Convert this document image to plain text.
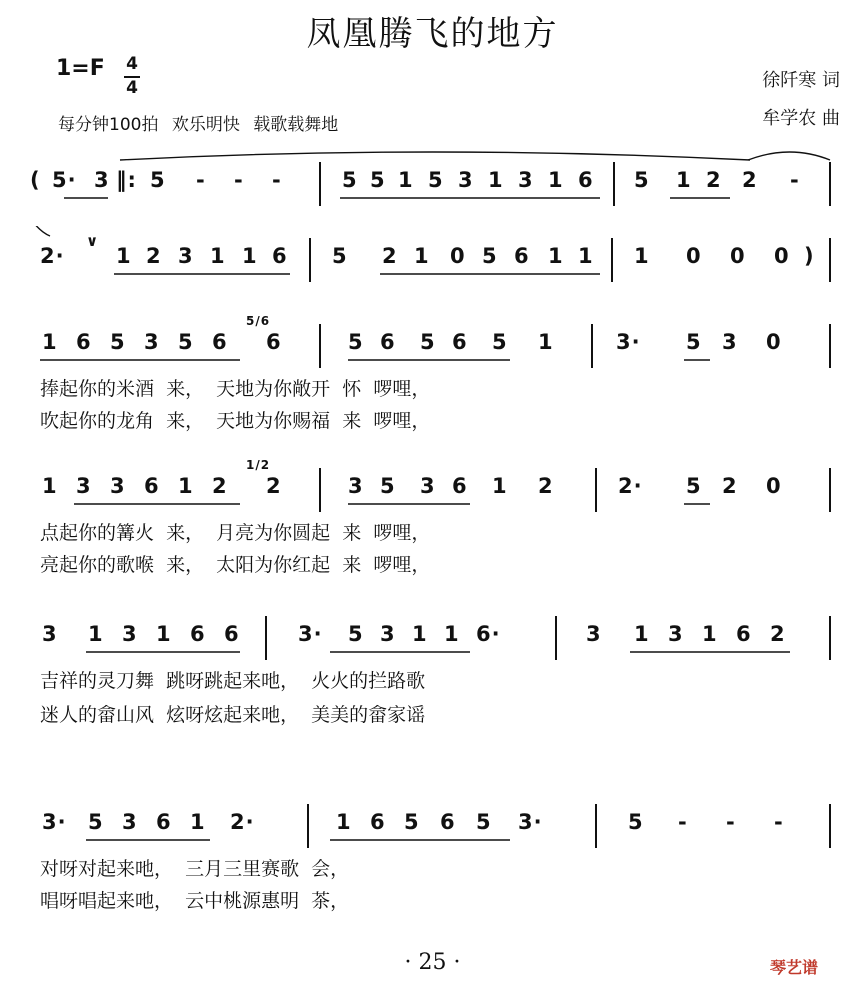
凤凰腾飞的地方
徐阡寒 词
牟学农 曲
1=F 4
4
每分钟100拍 欢乐明快 载歌载舞地
( 5· 3 ‖: 5 - - -	5 5 1 5 3 1 3 1 6 5 1 2 2 -
2·
∨
1 2 3 1 1 6 5 2 1 0 5 6 1 1 1 0 0 0 )
1 6 5 3 5 6
5/6
6	5 6 5 6 5 1	3· 5 3 0
捧起你的米酒  来，  天地为你敞开  怀  啰哩，
吹起你的龙角  来，  天地为你赐福  来  啰哩，
1 3 3 6 1 2
1/2
2	3 5 3 6 1 2	2· 5 2 0
点起你的篝火  来，  月亮为你圆起  来  啰哩，
亮起你的歌喉  来，  太阳为你红起  来  啰哩，
3 1 3 1 6 6	3· 5 3 1 1 6·	3 1 3 1 6 2
吉祥的灵刀舞  跳呀跳起来吔，  火火的拦路歌
迷人的畲山风  炫呀炫起来吔，  美美的畲家谣
3· 5 3 6 1 2·	1 6 5 6 5 3·	5 - - -
对呀对起来吔，  三月三里赛歌  会，
唱呀唱起来吔，  云中桃源惠明  茶，
· 25 ·	琴艺谱
